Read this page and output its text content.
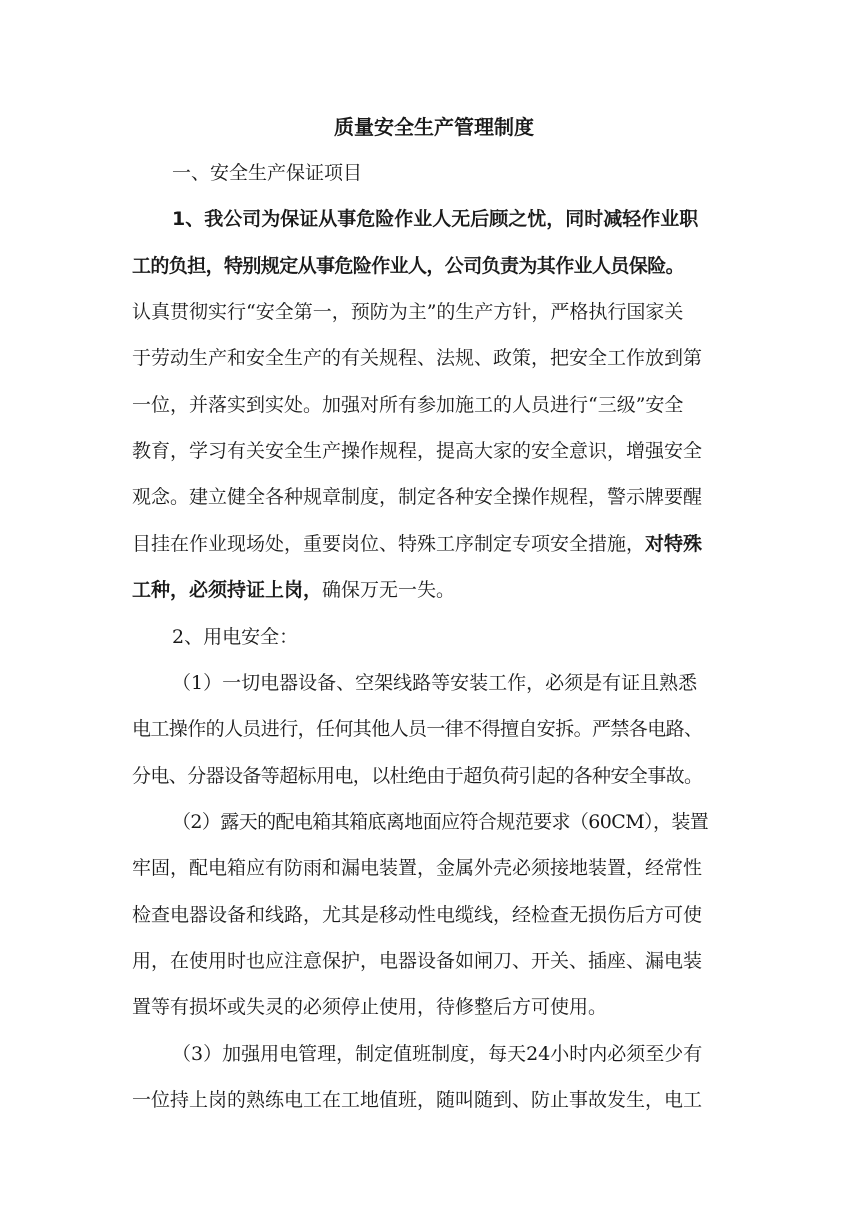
质量安全生产管理制度

一、安全生产保证项目

1、我公司为保证从事危险作业人无后顾之忧，同时减轻作业职

工的负担，特别规定从事危险作业人，公司负责为其作业人员保险。

认真贯彻实行“安全第一，预防为主”的生产方针，严格执行国家关

于劳动生产和安全生产的有关规程、法规、政策，把安全工作放到第

一位，并落实到实处。加强对所有参加施工的人员进行“三级”安全

教育，学习有关安全生产操作规程，提高大家的安全意识，增强安全

观念。建立健全各种规章制度，制定各种安全操作规程，警示牌要醒

目挂在作业现场处，重要岗位、特殊工序制定专项安全措施，对特殊

工种，必须持证上岗，确保万无一失。

2、用电安全：

（1）一切电器设备、空架线路等安装工作，必须是有证且熟悉

电工操作的人员进行，任何其他人员一律不得擅自安拆。严禁各电路、

分电、分器设备等超标用电，以杜绝由于超负荷引起的各种安全事故。

（2）露天的配电箱其箱底离地面应符合规范要求（60CM），装置

牢固，配电箱应有防雨和漏电装置，金属外壳必须接地装置，经常性

检查电器设备和线路，尤其是移动性电缆线，经检查无损伤后方可使

用，在使用时也应注意保护，电器设备如闸刀、开关、插座、漏电装

置等有损坏或失灵的必须停止使用，待修整后方可使用。

（3）加强用电管理，制定值班制度，每天24小时内必须至少有

一位持上岗的熟练电工在工地值班，随叫随到、防止事故发生，电工
